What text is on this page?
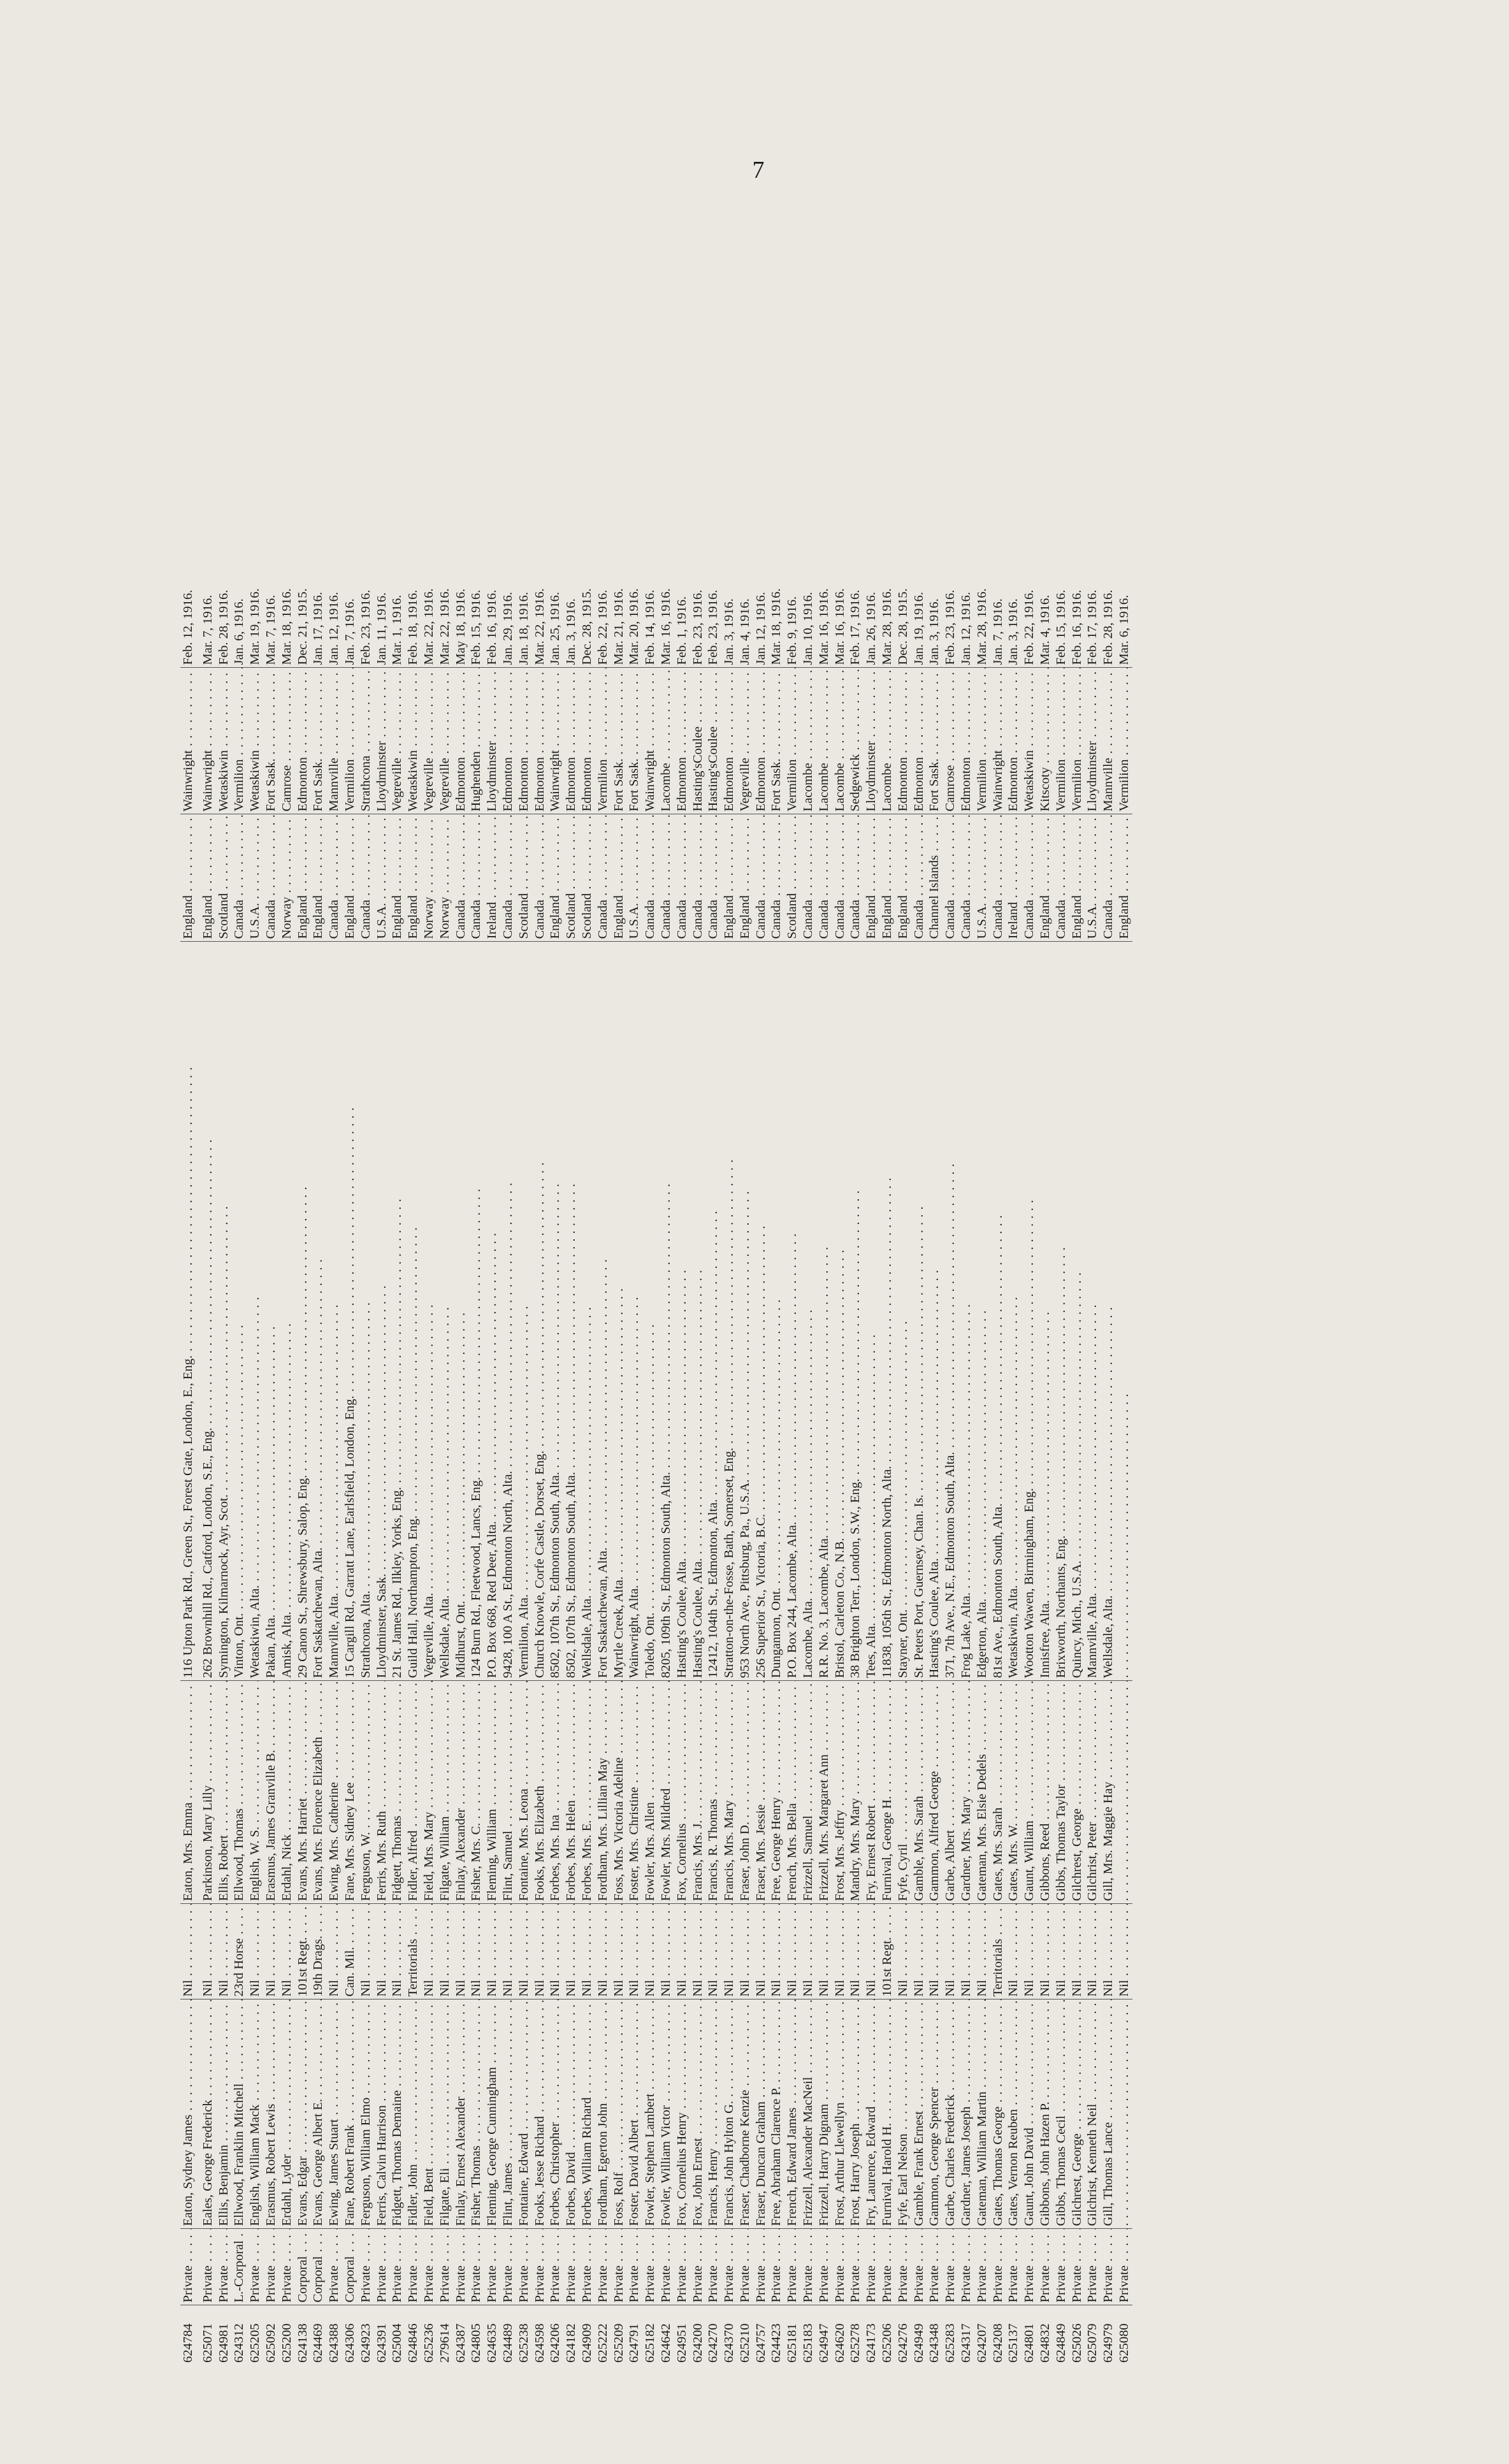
7
624784	Private . . .	Eaton, Sydney James . . .	Nil . . .	Eaton, Mrs. Emma . . .	116 Upton Park Rd., Green St., Forest Gate, London, E., Eng. . . .	England . . .	Wainwright . . .	Feb. 12, 1916.
625071	Private . . .	Eales, George Frederick . . .	Nil . . .	Parkinson, Mary Lilly . . .	262 Brownhill Rd., Catford, London, S.E., Eng. . . .	England . . .	Wainwright . . .	Mar. 7, 1916.
624981	Private . . .	Ellis, Benjamin . . .	Nil . . .	Ellis, Robert . . .	Symington, Kilmarnock, Ayr, Scot. . . .	Scotland . . .	Wetaskiwin . . .	Feb. 28, 1916.
624312	L.-Corporal . . .	Ellwood, Franklin Mitchell . . .	23rd Horse . . .	Ellwood, Thomas . . .	Vinton, Ont. . . .	Canada . . .	Vermilion . . .	Jan. 6, 1916.
625205	Private . . .	English, William Mack . . .	Nil . . .	English, W. S. . . .	Wetaskiwin, Alta. . . .	U.S.A. . . .	Wetaskiwin . . .	Mar. 19, 1916.
625092	Private . . .	Erasmus, Robert Lewis . . .	Nil . . .	Erasmus, James Granville B. . . .	Pakan, Alta. . . .	Canada . . .	Fort Sask. . . .	Mar. 7, 1916.
625200	Private . . .	Erdahl, Lyder . . .	Nil . . .	Erdahl, Nick . . .	Amisk, Alta. . . .	Norway . . .	Camrose . . .	Mar. 18, 1916.
624138	Corporal . . .	Evans, Edgar . . .	101st Regt. . . .	Evans, Mrs. Harriet . . .	29 Canon St., Shrewsbury, Salop, Eng. . . .	England . . .	Edmonton . . .	Dec. 21, 1915.
624469	Corporal . . .	Evans, George Albert E. . . .	19th Drags. . . .	Evans, Mrs. Florence Elizabeth . . .	Fort Saskatchewan, Alta. . . .	England . . .	Fort Sask. . . .	Jan. 17, 1916.
624388	Private . . .	Ewing, James Stuart . . .	Nil . . .	Ewing, Mrs. Catherine . . .	Mannville, Alta. . . .	Canada . . .	Mannville . . .	Jan. 12, 1916.
624306	Corporal . . .	Fane, Robert Frank . . .	Can. Mil. . . .	Fane, Mrs. Sidney Lee . . .	15 Cargill Rd., Garratt Lane, Earlsfield, London, Eng. . . .	England . . .	Vermilion . . .	Jan. 7, 1916.
624923	Private . . .	Ferguson, William Elmo . . .	Nil . . .	Ferguson, W. . . .	Strathcona, Alta. . . .	Canada . . .	Strathcona . . .	Feb. 23, 1916.
624391	Private . . .	Ferris, Calvin Harrison . . .	Nil . . .	Ferris, Mrs. Ruth . . .	Lloydminster, Sask. . . .	U.S.A. . . .	Lloydminster . . .	Jan. 11, 1916.
625004	Private . . .	Fidgett, Thomas Demaine . . .	Nil . . .	Fidgett, Thomas . . .	21 St. James Rd., Ilkley, Yorks, Eng. . . .	England . . .	Vegreville . . .	Mar. 1, 1916.
624846	Private . . .	Fidler, John . . .	Territorials . . .	Fidler, Alfred . . .	Guild Hall, Northampton, Eng. . . .	England . . .	Wetaskiwin . . .	Feb. 18, 1916.
625236	Private . . .	Field, Bent . . .	Nil . . .	Field, Mrs. Mary . . .	Vegreville, Alta. . . .	Norway . . .	Vegreville . . .	Mar. 22, 1916.
279614	Private . . .	Filgate, Eli . . .	Nil . . .	Filgate, William . . .	Wellsdale, Alta. . . .	Norway . . .	Vegreville . . .	Mar. 22, 1916.
624387	Private . . .	Finlay, Ernest Alexander . . .	Nil . . .	Finlay, Alexander . . .	Midhurst, Ont. . . .	Canada . . .	Edmonton . . .	May 18, 1916.
624805	Private . . .	Fisher, Thomas . . .	Nil . . .	Fisher, Mrs. C. . . .	124 Burn Rd., Fleetwood, Lancs, Eng. . . .	Canada . . .	Hughenden . . .	Feb. 15, 1916.
624635	Private . . .	Fleming, George Cunningham . . .	Nil . . .	Fleming, William . . .	P.O. Box 668, Red Deer, Alta. . . .	Ireland . . .	Lloydminster . . .	Feb. 16, 1916.
624489	Private . . .	Flint, James . . .	Nil . . .	Flint, Samuel . . .	9428, 100 A St., Edmonton North, Alta. . . .	Canada . . .	Edmonton . . .	Jan. 29, 1916.
625238	Private . . .	Fontaine, Edward . . .	Nil . . .	Fontaine, Mrs. Leona . . .	Vermilion, Alta. . . .	Scotland . . .	Edmonton . . .	Jan. 18, 1916.
624598	Private . . .	Fooks, Jesse Richard . . .	Nil . . .	Fooks, Mrs. Elizabeth . . .	Church Knowle, Corfe Castle, Dorset, Eng. . . .	Canada . . .	Edmonton . . .	Mar. 22, 1916.
624206	Private . . .	Forbes, Christopher . . .	Nil . . .	Forbes, Mrs. Ina . . .	8502, 107th St., Edmonton South, Alta. . . .	England . . .	Wainwright . . .	Jan. 25, 1916.
624182	Private . . .	Forbes, David . . .	Nil . . .	Forbes, Mrs. Helen . . .	8502, 107th St., Edmonton South, Alta. . . .	Scotland . . .	Edmonton . . .	Jan. 3, 1916.
624909	Private . . .	Forbes, William Richard . . .	Nil . . .	Forbes, Mrs. E. . . .	Wellsdale, Alta. . . .	Scotland . . .	Edmonton . . .	Dec. 28, 1915.
625222	Private . . .	Fordham, Egerton John . . .	Nil . . .	Fordham, Mrs. Lillian May . . .	Fort Saskatchewan, Alta. . . .	Canada . . .	Vermilion . . .	Feb. 22, 1916.
625209	Private . . .	Foss, Rolf . . .	Nil . . .	Foss, Mrs. Victoria Adeline . . .	Myrtle Creek, Alta. . . .	England . . .	Fort Sask. . . .	Mar. 21, 1916.
624791	Private . . .	Foster, David Albert . . .	Nil . . .	Foster, Mrs. Christine . . .	Wainwright, Alta. . . .	U.S.A. . . .	Fort Sask. . . .	Mar. 20, 1916.
625182	Private . . .	Fowler, Stephen Lambert . . .	Nil . . .	Fowler, Mrs. Allen . . .	Toledo, Ont. . . .	Canada . . .	Wainwright . . .	Feb. 14, 1916.
624642	Private . . .	Fowler, William Victor . . .	Nil . . .	Fowler, Mrs. Mildred . . .	8205, 109th St., Edmonton South, Alta. . . .	Canada . . .	Lacombe . . .	Mar. 16, 1916.
624951	Private . . .	Fox, Cornelius Henry . . .	Nil . . .	Fox, Cornelius . . .	Hasting's Coulee, Alta. . . .	Canada . . .	Edmonton . . .	Feb. 1, 1916.
624200	Private . . .	Fox, John Ernest . . .	Nil . . .	Francis, Mrs. J. . . .	Hasting's Coulee, Alta. . . .	Canada . . .	Hasting'sCoulee . . .	Feb. 23, 1916.
624270	Private . . .	Francis, Henry . . .	Nil . . .	Francis, R. Thomas . . .	12412, 104th St., Edmonton, Alta. . . .	Canada . . .	Hasting'sCoulee . . .	Feb. 23, 1916.
624370	Private . . .	Francis, John Hylton G. . . .	Nil . . .	Francis, Mrs. Mary . . .	Stratton-on-the-Fosse, Bath, Somerset, Eng. . . .	England . . .	Edmonton . . .	Jan. 3, 1916.
625210	Private . . .	Fraser, Chadborne Kenzie . . .	Nil . . .	Fraser, John D. . . .	953 North Ave., Pittsburg, Pa., U.S.A. . . .	England . . .	Vegreville . . .	Jan. 4, 1916.
624757	Private . . .	Fraser, Duncan Graham . . .	Nil . . .	Fraser, Mrs. Jessie . . .	256 Superior St., Victoria, B.C. . . .	Canada . . .	Edmonton . . .	Jan. 12, 1916.
624423	Private . . .	Free, Abraham Clarence P. . . .	Nil . . .	Free, George Henry . . .	Dungannon, Ont. . . .	Canada . . .	Fort Sask. . . .	Mar. 18, 1916.
625181	Private . . .	French, Edward James . . .	Nil . . .	French, Mrs. Bella . . .	P.O. Box 244, Lacombe, Alta. . . .	Scotland . . .	Vermilion . . .	Feb. 9, 1916.
625183	Private . . .	Frizzell, Alexander MacNeil . . .	Nil . . .	Frizzell, Samuel . . .	Lacombe, Alta. . . .	Canada . . .	Lacombe . . .	Jan. 10, 1916.
624947	Private . . .	Frizzell, Harry Dignam . . .	Nil . . .	Frizzell, Mrs. Margaret Ann . . .	R.R. No. 3, Lacombe, Alta. . . .	Canada . . .	Lacombe . . .	Mar. 16, 1916.
624620	Private . . .	Frost, Arthur Llewellyn . . .	Nil . . .	Frost, Mrs. Jeffry . . .	Bristol, Carleton Co., N.B. . . .	Canada . . .	Lacombe . . .	Mar. 16, 1916.
625278	Private . . .	Frost, Harry Joseph . . .	Nil . . .	Mandry, Mrs. Mary . . .	38 Brighton Terr., London, S.W., Eng. . . .	Canada . . .	Sedgewick . . .	Feb. 17, 1916.
624173	Private . . .	Fry, Laurence, Edward . . .	Nil . . .	Fry, Ernest Robert . . .	Tees, Alta. . . .	England . . .	Lloydminster . . .	Jan. 26, 1916.
625206	Private . . .	Furnival, Harold H. . . .	101st Regt. . . .	Furnival, George H. . . .	11838, 105th St., Edmonton North, Alta. . . .	England . . .	Lacombe . . .	Mar. 28, 1916.
624276	Private . . .	Fyfe, Earl Nelson . . .	Nil . . .	Fyfe, Cyril . . .	Stayner, Ont. . . .	England . . .	Edmonton . . .	Dec. 28, 1915.
624949	Private . . .	Gamble, Frank Ernest . . .	Nil . . .	Gamble, Mrs. Sarah . . .	St. Peters Port, Guernsey, Chan. Is. . . .	Canada . . .	Edmonton . . .	Jan. 19, 1916.
624348	Private . . .	Gammon, George Spencer . . .	Nil . . .	Gammon, Alfred George . . .	Hasting's Coulee, Alta. . . .	Channel Islands . . .	Fort Sask. . . .	Jan. 3, 1916.
625283	Private . . .	Garbe, Charles Frederick . . .	Nil . . .	Garbe, Albert . . .	371, 7th Ave., N.E., Edmonton South, Alta. . . .	Canada . . .	Camrose . . .	Feb. 23, 1916.
624317	Private . . .	Gardner, James Joseph . . .	Nil . . .	Gardner, Mrs. Mary . . .	Frog Lake, Alta. . . .	Canada . . .	Edmonton . . .	Jan. 12, 1916.
624207	Private . . .	Gateman, William Martin . . .	Nil . . .	Gateman, Mrs. Elsie Dedels . . .	Edgerton, Alta. . . .	U.S.A. . . .	Vermilion . . .	Mar. 28, 1916.
624208	Private . . .	Gates, Thomas George . . .	Territorials . . .	Gates, Mrs. Sarah . . .	81st Ave., Edmonton South, Alta. . . .	Canada . . .	Wainwright . . .	Jan. 7, 1916.
625137	Private . . .	Gates, Vernon Reuben . . .	Nil . . .	Gates, Mrs. W. . . .	Wetaskiwin, Alta. . . .	Ireland . . .	Edmonton . . .	Jan. 3, 1916.
624801	Private . . .	Gaunt, John David . . .	Nil . . .	Gaunt, William . . .	Wootton Wawen, Birmingham, Eng. . . .	Canada . . .	Wetaskiwin . . .	Feb. 22, 1916.
624832	Private . . .	Gibbons, John Hazen P. . . .	Nil . . .	Gibbons, Reed . . .	Innisfree, Alta. . . .	England . . .	Kitscoty . . .	Mar. 4, 1916.
624849	Private . . .	Gibbs, Thomas Cecil . . .	Nil . . .	Gibbs, Thomas Taylor . . .	Brixworth, Northants, Eng. . . .	Canada . . .	Vermilion . . .	Feb. 15, 1916.
625026	Private . . .	Gilchrest, George . . .	Nil . . .	Gilchrest, George . . .	Quincy, Mich., U.S.A. . . .	England . . .	Vermilion . . .	Feb. 16, 1916.
625079	Private . . .	Gilchrist, Kenneth Neil . . .	Nil . . .	Gilchrist, Peter . . .	Mannville, Alta. . . .	U.S.A. . . .	Lloydminster . . .	Feb. 17, 1916.
624979	Private . . .	Gill, Thomas Lance . . .	Nil . . .	Gill, Mrs. Maggie Hay . . .	Wellsdale, Alta. . . .	Canada . . .	Mannville . . .	Feb. 28, 1916.
625080	Private . . .	. . .	Nil . . .	. . .	. . .	England . . .	Vermilion . . .	Mar. 6, 1916.
